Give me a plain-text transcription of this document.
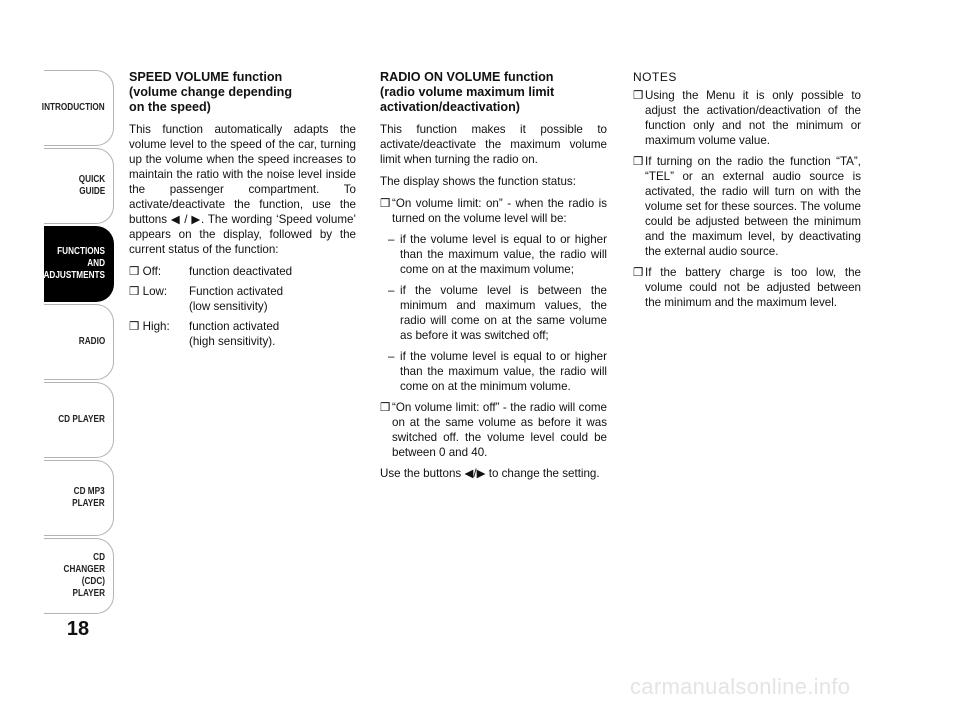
INTRODUCTION
QUICK
GUIDE
FUNCTIONS
AND
ADJUSTMENTS
RADIO
CD PLAYER
CD MP3
PLAYER
CD CHANGER
(CDC) PLAYER
18
SPEED VOLUME function
(volume change depending
on the speed)

This function automatically adapts the volume level to the speed of the car, turning up the volume when the speed increases to maintain the ratio with the noise level inside the passenger compartment. To activate/deactivate the function, use the buttons ◀ / ▶. The wording ‘Speed volume’ appears on the display, followed by the current status of the function:

❒ Off: function deactivated
❒ Low: Function activated
(low sensitivity)
❒ High: function activated
(high sensitivity).
RADIO ON VOLUME function
(radio volume maximum limit
activation/deactivation)

This function makes it possible to activate/deactivate the maximum volume limit when turning the radio on.

The display shows the function status:

❒ “On volume limit: on” - when the radio is turned on the volume level will be:
– if the volume level is equal to or higher than the maximum value, the radio will come on at the maximum volume;
– if the volume level is between the minimum and maximum values, the radio will come on at the same volume as before it was switched off;
– if the volume level is equal to or higher than the maximum value, the radio will come on at the minimum volume.
❒ “On volume limit: off” - the radio will come on at the same volume as before it was switched off. the volume level could be between 0 and 40.

Use the buttons ◀/▶ to change the setting.

NOTES
❒ Using the Menu it is only possible to adjust the activation/deactivation of the function only and not the minimum or maximum volume value.
❒ If turning on the radio the function “TA”, “TEL” or an external audio source is activated, the radio will turn on with the volume set for these sources. The volume could be adjusted between the minimum and the maximum level, by deactivating the external audio source.
❒ If the battery charge is too low, the volume could not be adjusted between the minimum and the maximum level.
carmanualsonline.info
